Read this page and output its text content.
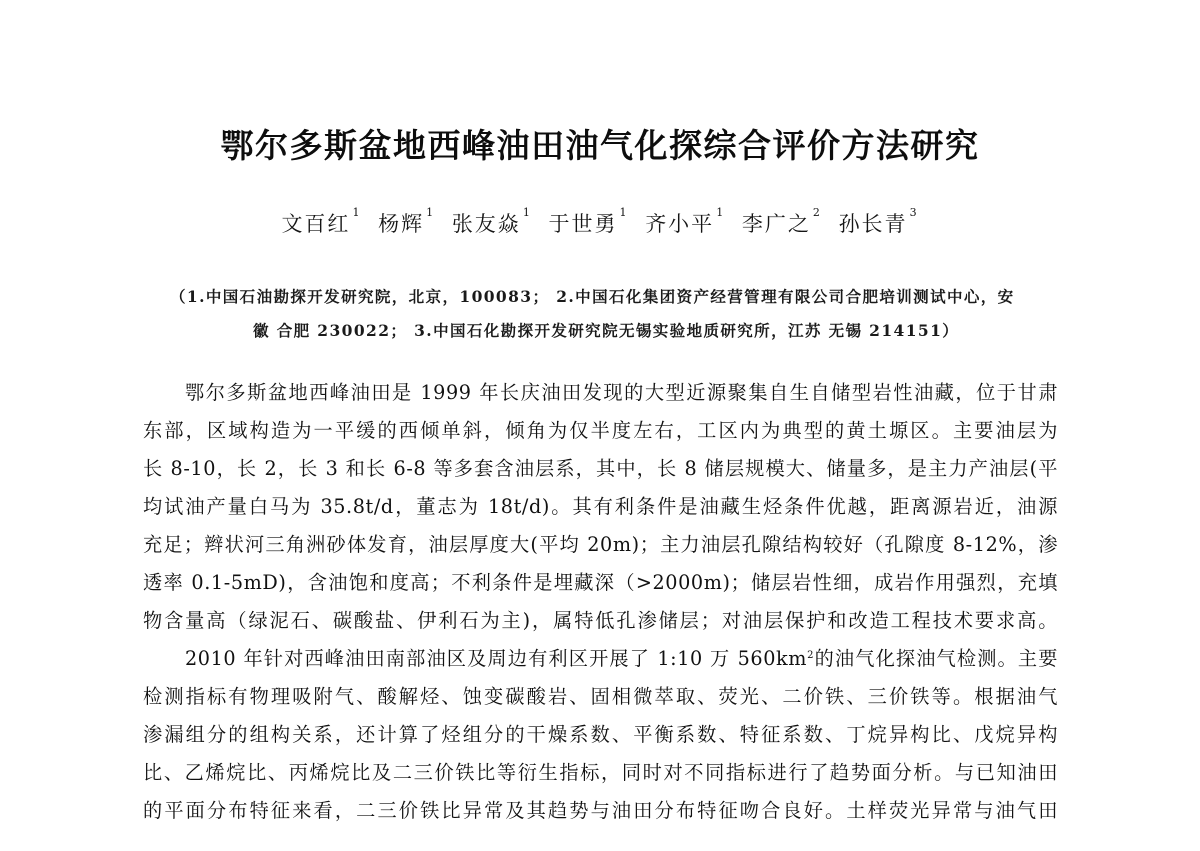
鄂尔多斯盆地西峰油田油气化探综合评价方法研究
文百红 $^1$ 杨辉 $^1$ 张友焱 $^1$ 于世勇 $^1$ 齐小平 $^1$ 李广之 $^2$ 孙长青 $^3$
（1.中国石油勘探开发研究院，北京，100083； 2.中国石化集团资产经营管理有限公司合肥培训测试中心，安
徽 合肥 230022； 3.中国石化勘探开发研究院无锡实验地质研究所，江苏 无锡 214151）
鄂尔多斯盆地西峰油田是 1999 年长庆油田发现的大型近源聚集自生自储型岩性油藏，位于甘肃
东部，区域构造为一平缓的西倾单斜，倾角为仅半度左右，工区内为典型的黄土塬区。主要油层为
长 8-10，长 2，长 3 和长 6-8 等多套含油层系，其中，长 8 储层规模大、储量多，是主力产油层(平
均试油产量白马为 35.8t/d，董志为 18t/d)。其有利条件是油藏生烃条件优越，距离源岩近，油源
充足；辫状河三角洲砂体发育，油层厚度大(平均 20m)；主力油层孔隙结构较好（孔隙度 8-12%，渗
透率 0.1-5mD)，含油饱和度高；不利条件是埋藏深（>2000m)；储层岩性细，成岩作用强烈，充填
物含量高（绿泥石、碳酸盐、伊利石为主)，属特低孔渗储层；对油层保护和改造工程技术要求高。
2010 年针对西峰油田南部油区及周边有利区开展了 1:10 万 $560km^2$的油气化探油气检测。主要
检测指标有物理吸附气、酸解烃、蚀变碳酸岩、固相微萃取、荧光、二价铁、三价铁等。根据油气
渗漏组分的组构关系，还计算了烃组分的干燥系数、平衡系数、特征系数、丁烷异构比、戊烷异构
比、乙烯烷比、丙烯烷比及二三价铁比等衍生指标，同时对不同指标进行了趋势面分析。与已知油田
的平面分布特征来看，二三价铁比异常及其趋势与油田分布特征吻合良好。土样荧光异常与油气田
